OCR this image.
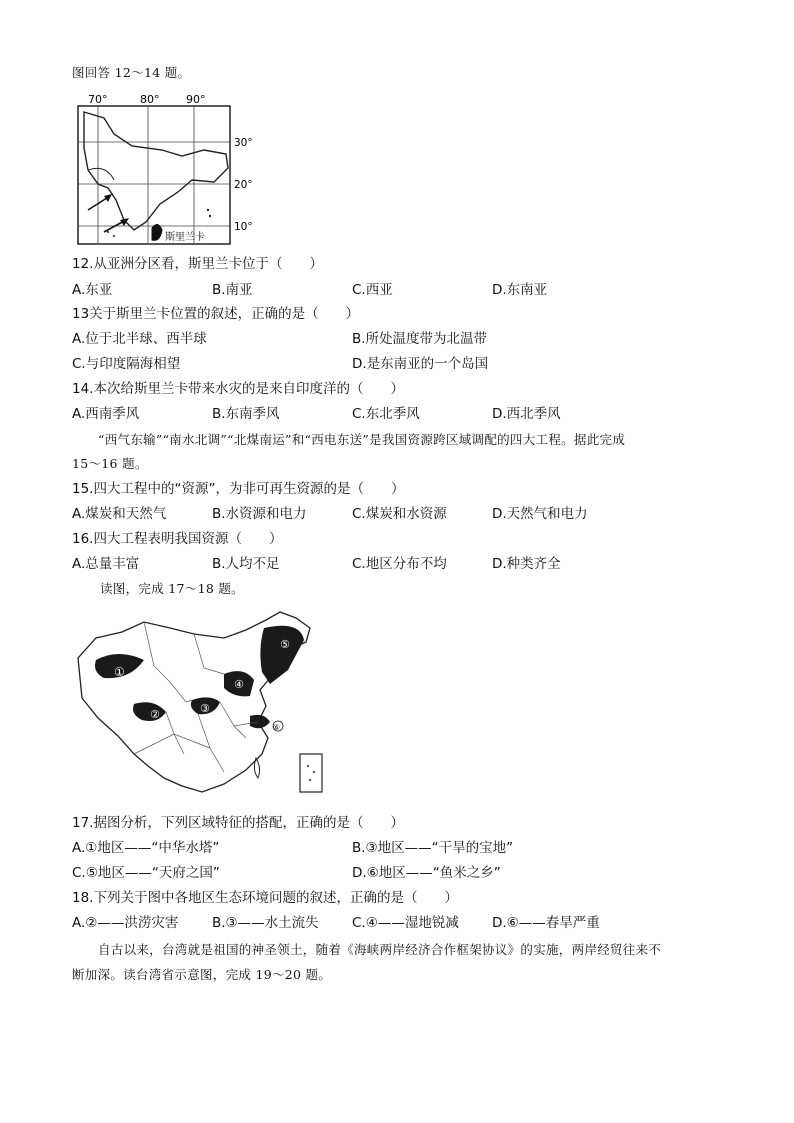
图回答 12～14 题。
70°	80° 90°
30°
20°
10°
斯里兰卡
12.从亚洲分区看，斯里兰卡位于（　　）
A.东亚	B.南亚	C.西亚	D.东南亚
13关于斯里兰卡位置的叙述，正确的是（　　）
A.位于北半球、西半球	B.所处温度带为北温带
C.与印度隔海相望	D.是东南亚的一个岛国
14.本次给斯里兰卡带来水灾的是来自印度洋的（　　）
A.西南季风	B.东南季风	C.东北季风	D.西北季风
“西气东输”“南水北调”“北煤南运”和“西电东送”是我国资源跨区域调配的四大工程。据此完成
15～16 题。
15.四大工程中的“资源”，为非可再生资源的是（　　）
A.煤炭和天然气	B.水资源和电力	C.煤炭和水资源	D.天然气和电力
16.四大工程表明我国资源（　　）
A.总量丰富	B.人均不足	C.地区分布不均	D.种类齐全
读图，完成 17～18 题。
①
②	③
④
⑤
⑥
17.据图分析，下列区域特征的搭配，正确的是（　　）
A.①地区——“中华水塔”	B.③地区——“干旱的宝地”
C.⑤地区——“天府之国”	D.⑥地区——“鱼米之乡”
18.下列关于图中各地区生态环境问题的叙述，正确的是（　　）
A.②——洪涝灾害 B.③——水土流失 C.④——湿地锐减 D.⑥——春旱严重
自古以来，台湾就是祖国的神圣领土，随着《海峡两岸经济合作框架协议》的实施，两岸经贸往来不
断加深。读台湾省示意图，完成 19～20 题。
